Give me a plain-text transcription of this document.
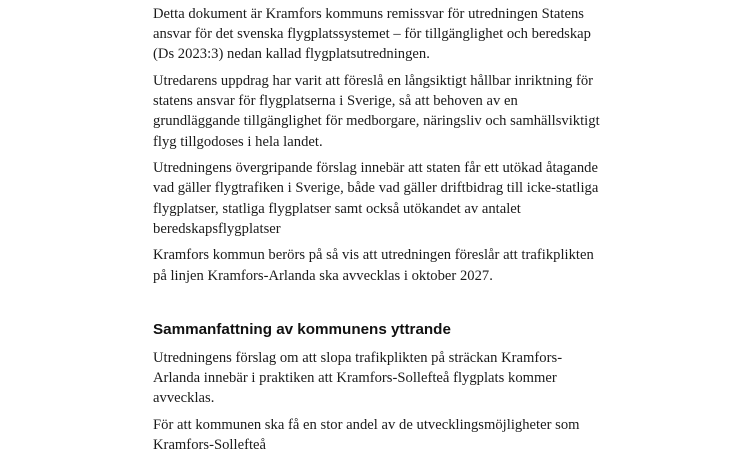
Detta dokument är Kramfors kommuns remissvar för utredningen Statens
ansvar för det svenska flygplatssystemet – för tillgänglighet och beredskap
(Ds 2023:3) nedan kallad flygplatsutredningen.

Utredarens uppdrag har varit att föreslå en långsiktigt hållbar inriktning för
statens ansvar för flygplatserna i Sverige, så att behoven av en
grundläggande tillgänglighet för medborgare, näringsliv och samhällsviktigt
flyg tillgodoses i hela landet.

Utredningens övergripande förslag innebär att staten får ett utökad åtagande
vad gäller flygtrafiken i Sverige, både vad gäller driftbidrag till icke-statliga
flygplatser, statliga flygplatser samt också utökandet av antalet
beredskapsflygplatser

Kramfors kommun berörs på så vis att utredningen föreslår att trafikplikten
på linjen Kramfors-Arlanda ska avvecklas i oktober 2027.

Sammanfattning av kommunens yttrande

Utredningens förslag om att slopa trafikplikten på sträckan Kramfors-
Arlanda innebär i praktiken att Kramfors-Sollefteå flygplats kommer
avvecklas.

För att kommunen ska få en stor andel av de utvecklingsmöjligheter som Kramfors-Sollefteå
